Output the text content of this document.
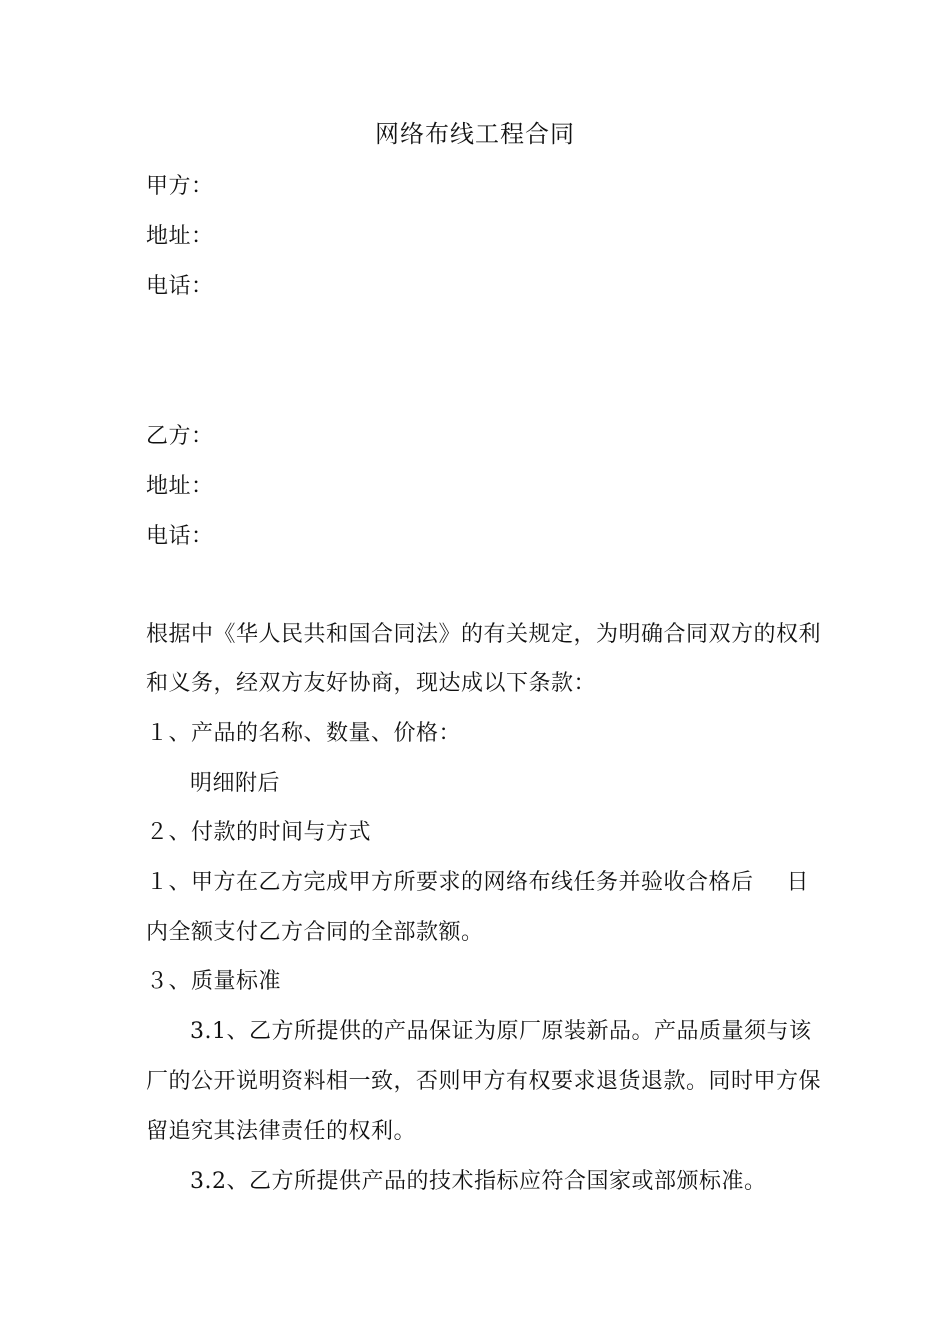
网络布线工程合同
甲方：
地址：
电话：
乙方：
地址：
电话：
根据中《华人民共和国合同法》的有关规定，为明确合同双方的权利
和义务，经双方友好协商，现达成以下条款：
１、产品的名称、数量、价格：
明细附后
２、付款的时间与方式
１、甲方在乙方完成甲方所要求的网络布线任务并验收合格后 日
内全额支付乙方合同的全部款额。
３、质量标准
3.1、乙方所提供的产品保证为原厂原装新品。产品质量须与该
厂的公开说明资料相一致，否则甲方有权要求退货退款。同时甲方保
留追究其法律责任的权利。
3.2、乙方所提供产品的技术指标应符合国家或部颁标准。
